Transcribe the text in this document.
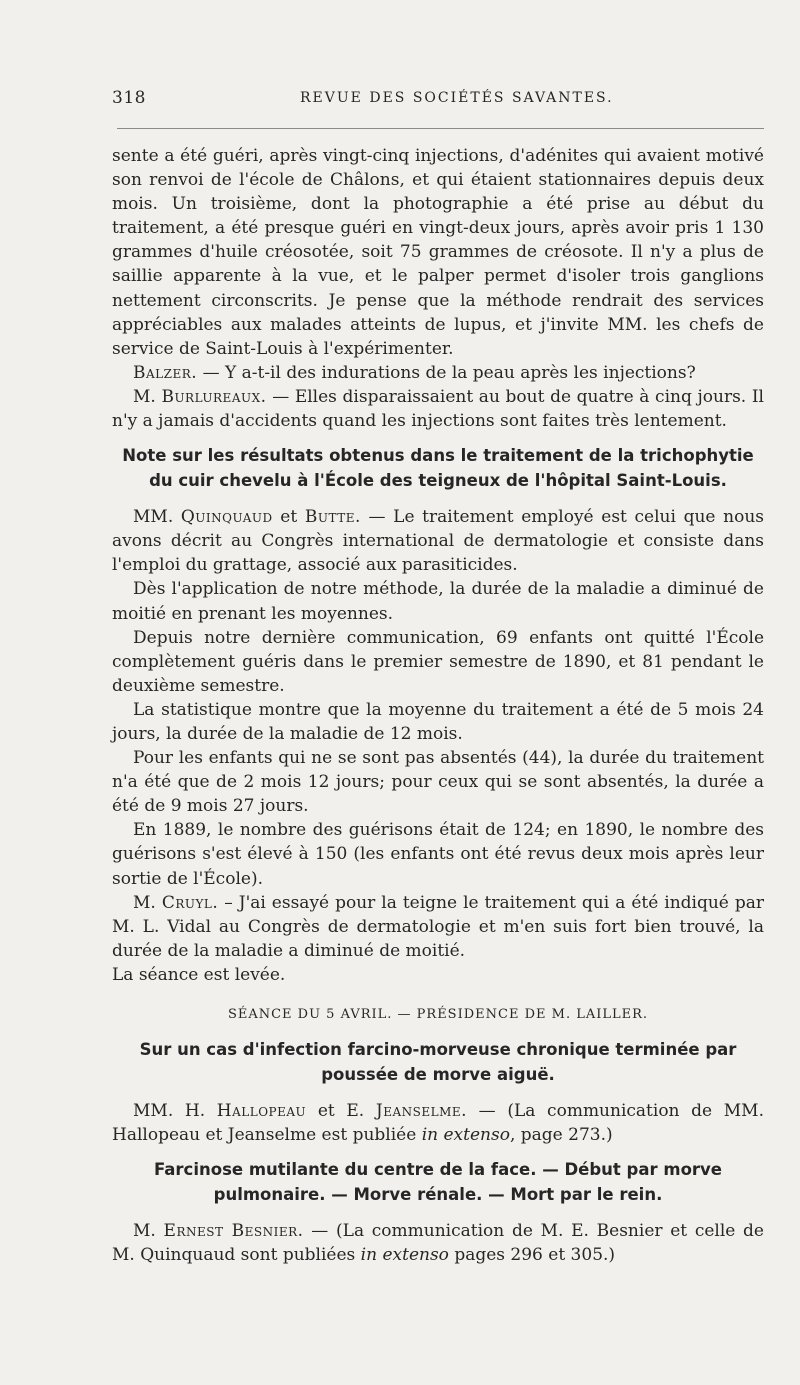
318	REVUE DES SOCIÉTÉS SAVANTES.

sente a été guéri, après vingt-cinq injections, d'adénites qui avaient motivé son renvoi de l'école de Châlons, et qui étaient stationnaires depuis deux mois. Un troisième, dont la photographie a été prise au début du traitement, a été presque guéri en vingt-deux jours, après avoir pris 1 130 grammes d'huile créosotée, soit 75 grammes de créosote. Il n'y a plus de saillie apparente à la vue, et le palper permet d'isoler trois ganglions nettement circonscrits. Je pense que la méthode rendrait des services appréciables aux malades atteints de lupus, et j'invite MM. les chefs de service de Saint-Louis à l'expérimenter.

Balzer. — Y a-t-il des indurations de la peau après les injections?

M. Burlureaux. — Elles disparaissaient au bout de quatre à cinq jours. Il n'y a jamais d'accidents quand les injections sont faites très lentement.

Note sur les résultats obtenus dans le traitement de la trichophytie du cuir chevelu à l'École des teigneux de l'hôpital Saint-Louis.

MM. Quinquaud et Butte. — Le traitement employé est celui que nous avons décrit au Congrès international de dermatologie et consiste dans l'emploi du grattage, associé aux parasiticides.

Dès l'application de notre méthode, la durée de la maladie a diminué de moitié en prenant les moyennes.

Depuis notre dernière communication, 69 enfants ont quitté l'École complètement guéris dans le premier semestre de 1890, et 81 pendant le deuxième semestre.

La statistique montre que la moyenne du traitement a été de 5 mois 24 jours, la durée de la maladie de 12 mois.

Pour les enfants qui ne se sont pas absentés (44), la durée du traitement n'a été que de 2 mois 12 jours; pour ceux qui se sont absentés, la durée a été de 9 mois 27 jours.

En 1889, le nombre des guérisons était de 124; en 1890, le nombre des guérisons s'est élevé à 150 (les enfants ont été revus deux mois après leur sortie de l'École).

M. Cruyl. – J'ai essayé pour la teigne le traitement qui a été indiqué par M. L. Vidal au Congrès de dermatologie et m'en suis fort bien trouvé, la durée de la maladie a diminué de moitié.

La séance est levée.

SÉANCE DU 5 AVRIL. — PRÉSIDENCE DE M. LAILLER.

Sur un cas d'infection farcino-morveuse chronique terminée par poussée de morve aiguë.

MM. H. Hallopeau et E. Jeanselme. — (La communication de MM. Hallopeau et Jeanselme est publiée in extenso, page 273.)

Farcinose mutilante du centre de la face. — Début par morve pulmonaire. — Morve rénale. — Mort par le rein.

M. Ernest Besnier. — (La communication de M. E. Besnier et celle de M. Quinquaud sont publiées in extenso pages 296 et 305.)
